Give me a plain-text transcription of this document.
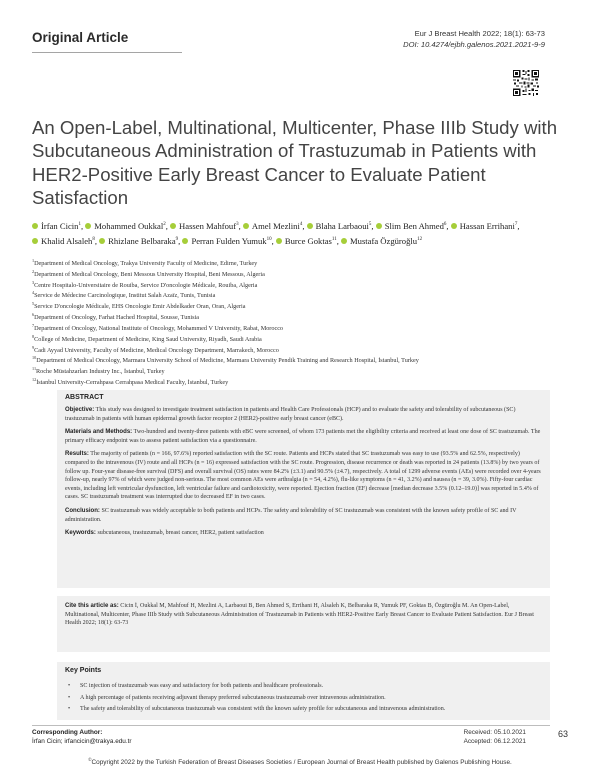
Original Article	Eur J Breast Health 2022; 18(1): 63-73
DOI: 10.4274/ejbh.galenos.2021.2021-9-9
An Open-Label, Multinational, Multicenter, Phase IIIb Study with Subcutaneous Administration of Trastuzumab in Patients with HER2-Positive Early Breast Cancer to Evaluate Patient Satisfaction
İrfan Cicin$^1$, Mohammed Oukkal$^2$, Hassen Mahfouf$^3$, Amel Mezlini$^4$, Blaha Larbaoui$^5$, Slim Ben Ahmed$^6$, Hassan Errihani$^7$, Khalid Alsaleh$^8$, Rhizlane Belbaraka$^9$, Perran Fulden Yumuk$^{10}$, Burce Goktas$^{11}$, Mustafa Özgüroğlu$^{12}$
$^1$Department of Medical Oncology, Trakya University Faculty of Medicine, Edirne, Turkey
$^2$Department of Medical Oncology, Beni Messous University Hospital, Beni Messous, Algeria
$^3$Centre Hospitalo-Universitaire de Rouiba, Service D'oncologie Médicale, Rouiba, Algeria
$^4$Service de Médecine Carcinologique, Institut Salah Azaïz, Tunis, Tunisia
$^5$Service D'oncologie Médicale, EHS Oncologie Emir Abdelkader Oran, Oran, Algeria
$^6$Department of Oncology, Farhat Hached Hospital, Sousse, Tunisia
$^7$Department of Oncology, National Institute of Oncology, Mohammed V University, Rabat, Morocco
$^8$College of Medicine, Department of Medicine, King Saud University, Riyadh, Saudi Arabia
$^9$Cadi Ayyad University, Faculty of Medicine, Medical Oncology Department, Marrakech, Morocco
$^{10}$Department of Medical Oncology, Marmara University School of Medicine, Marmara University Pendik Training and Research Hospital, İstanbul, Turkey
$^{11}$Roche Müstahzarları Industry Inc., İstanbul, Turkey
$^{12}$İstanbul University-Cerrahpasa Cerrahpasa Medical Faculty, İstanbul, Turkey
ABSTRACT

Objective: This study was designed to investigate treatment satisfaction in patients and Health Care Professionals (HCP) and to evaluate the safety and tolerability of subcutaneous (SC) trastuzumab in patients with human epidermal growth factor receptor 2 (HER2)-positive early breast cancer (eBC).

Materials and Methods: Two-hundred and twenty-three patients with eBC were screened, of whom 173 patients met the eligibility criteria and received at least one dose of SC trastuzumab. The primary efficacy endpoint was to assess patient satisfaction via a questionnaire.

Results: The majority of patients (n = 166, 97.6%) reported satisfaction with the SC route. Patients and HCPs stated that SC trastuzumab was easy to use (93.5% and 62.5%, respectively) compared to the intravenous (IV) route and all HCPs (n = 16) expressed satisfaction with the SC route. Progression, disease recurrence or death was reported in 24 patients (13.8%) by two years of follow up. Four-year disease-free survival (DFS) and overall survival (OS) rates were 84.2% (±3.1) and 90.5% (±4.7), respectively. A total of 1299 adverse events (AEs) were recorded over 4-years follow-up, nearly 97% of which were judged non-serious. The most common AEs were arthralgia (n = 54, 4.2%), flu-like symptoms (n = 41, 3.2%) and nausea (n = 39, 3.0%). Fifty-four cardiac events, including left ventricular dysfunction, left ventricular failure and cardiotoxicity, were reported. Ejection fraction (EF) decrease [median decrease 3.5% (0.12–19.0)] was reported in 5.4% of cases. SC trastuzumab treatment was interrupted due to decreased EF in two cases.

Conclusion: SC trastuzumab was widely acceptable to both patients and HCPs. The safety and tolerability of SC trastuzumab was consistent with the known safety profile of SC and IV administration.

Keywords: subcutaneous, trastuzumab, breast cancer, HER2, patient satisfaction

Cite this article as: Cicin İ, Oukkal M, Mahfouf H, Mezlini A, Larbaoui B, Ben Ahmed S, Errihani H, Alsaleh K, Belbaraka R, Yumuk PF, Goktas B, Özgüroğlu M. An Open-Label, Multinational, Multicenter, Phase IIIb Study with Subcutaneous Administration of Trastuzumab in Patients with HER2-Positive Early Breast Cancer to Evaluate Patient Satisfaction. Eur J Breast Health 2022; 18(1): 63-73
Key Points
• SC injection of trastuzumab was easy and satisfactory for both patients and healthcare professionals.
• A high percentage of patients receiving adjuvant therapy preferred subcutaneous trastuzumab over intravenous administration.
• The safety and tolerability of subcutaneous trastuzumab was consistent with the known safety profile for subcutaneous and intravenous administration.
Corresponding Author:
İrfan Cicin; irfancicin@trakya.edu.tr
Received: 05.10.2021
Accepted: 06.12.2021
63
©Copyright 2022 by the Turkish Federation of Breast Diseases Societies / European Journal of Breast Health published by Galenos Publishing House.
